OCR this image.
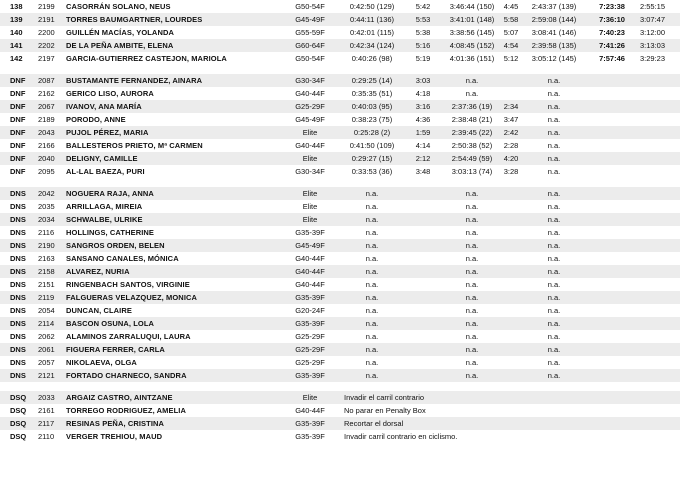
138	2199	CASORRÁN SOLANO, NEUS	G50-54F	0:42:50 (129)	5:42	3:46:44 (150)	4:45	2:43:37 (139)	7:23:38	2:55:15
139	2191	TORRES BAUMGARTNER, LOURDES	G45-49F	0:44:11 (136)	5:53	3:41:01 (148)	5:58	2:59:08 (144)	7:36:10	3:07:47
140	2200	GUILLÉN MACÍAS, YOLANDA	G55-59F	0:42:01 (115)	5:38	3:38:56 (145)	5:07	3:08:41 (146)	7:40:23	3:12:00
141	2202	DE LA PEÑA AMBITE, ELENA	G60-64F	0:42:34 (124)	5:16	4:08:45 (152)	4:54	2:39:58 (135)	7:41:26	3:13:03
142	2197	GARCIA-GUTIERREZ CASTEJON, MARIOLA	G50-54F	0:40:26 (98)	5:19	4:01:36 (151)	5:12	3:05:12 (145)	7:57:46	3:29:23
DNF	2087	BUSTAMANTE FERNANDEZ, AINARA	G30-34F	0:29:25 (14)	3:03	n.a.	n.a.
DNF	2162	GERICO LISO, AURORA	G40-44F	0:35:35 (51)	4:18	n.a.	n.a.
DNF	2067	IVANOV, ANA MARÍA	G25-29F	0:40:03 (95)	3:16	2:37:36 (19)	2:34	n.a.
DNF	2189	PORODO, ANNE	G45-49F	0:38:23 (75)	4:36	2:38:48 (21)	3:47	n.a.
DNF	2043	PUJOL PÉREZ, MARIA	Elite	0:25:28 (2)	1:59	2:39:45 (22)	2:42	n.a.
DNF	2166	BALLESTEROS PRIETO, Mª CARMEN	G40-44F	0:41:50 (109)	4:14	2:50:38 (52)	2:28	n.a.
DNF	2040	DELIGNY, CAMILLE	Elite	0:29:27 (15)	2:12	2:54:49 (59)	4:20	n.a.
DNF	2095	AL-LAL BAEZA, PURI	G30-34F	0:33:53 (36)	3:48	3:03:13 (74)	3:28	n.a.
DNS	2042	NOGUERA RAJA, ANNA	Elite	n.a.	n.a.	n.a.
DNS	2035	ARRILLAGA, MIREIA	Elite	n.a.	n.a.	n.a.
DNS	2034	SCHWALBE, ULRIKE	Elite	n.a.	n.a.	n.a.
DNS	2116	HOLLINGS, CATHERINE	G35-39F	n.a.	n.a.	n.a.
DNS	2190	SANGROS ORDEN, BELEN	G45-49F	n.a.	n.a.	n.a.
DNS	2163	SANSANO CANALES, MÓNICA	G40-44F	n.a.	n.a.	n.a.
DNS	2158	ALVAREZ, NURIA	G40-44F	n.a.	n.a.	n.a.
DNS	2151	RINGENBACH SANTOS, VIRGINIE	G40-44F	n.a.	n.a.	n.a.
DNS	2119	FALGUERAS VELAZQUEZ, MONICA	G35-39F	n.a.	n.a.	n.a.
DNS	2054	DUNCAN, CLAIRE	G20-24F	n.a.	n.a.	n.a.
DNS	2114	BASCON OSUNA, LOLA	G35-39F	n.a.	n.a.	n.a.
DNS	2062	ALAMINOS ZARRALUQUI, LAURA	G25-29F	n.a.	n.a.	n.a.
DNS	2061	FIGUERA FERRER, CARLA	G25-29F	n.a.	n.a.	n.a.
DNS	2057	NIKOLAEVA, OLGA	G25-29F	n.a.	n.a.	n.a.
DNS	2121	FORTADO CHARNECO, SANDRA	G35-39F	n.a.	n.a.	n.a.
DSQ	2033	ARGAIZ CASTRO, AINTZANE	Elite	Invadir el carril contrario
DSQ	2161	TORREGO RODRIGUEZ, AMELIA	G40-44F	No parar en Penalty Box
DSQ	2117	RESINAS PEÑA, CRISTINA	G35-39F	Recortar el dorsal
DSQ	2110	VERGER TREHIOU, MAUD	G35-39F	Invadir carril contrario en ciclismo.
